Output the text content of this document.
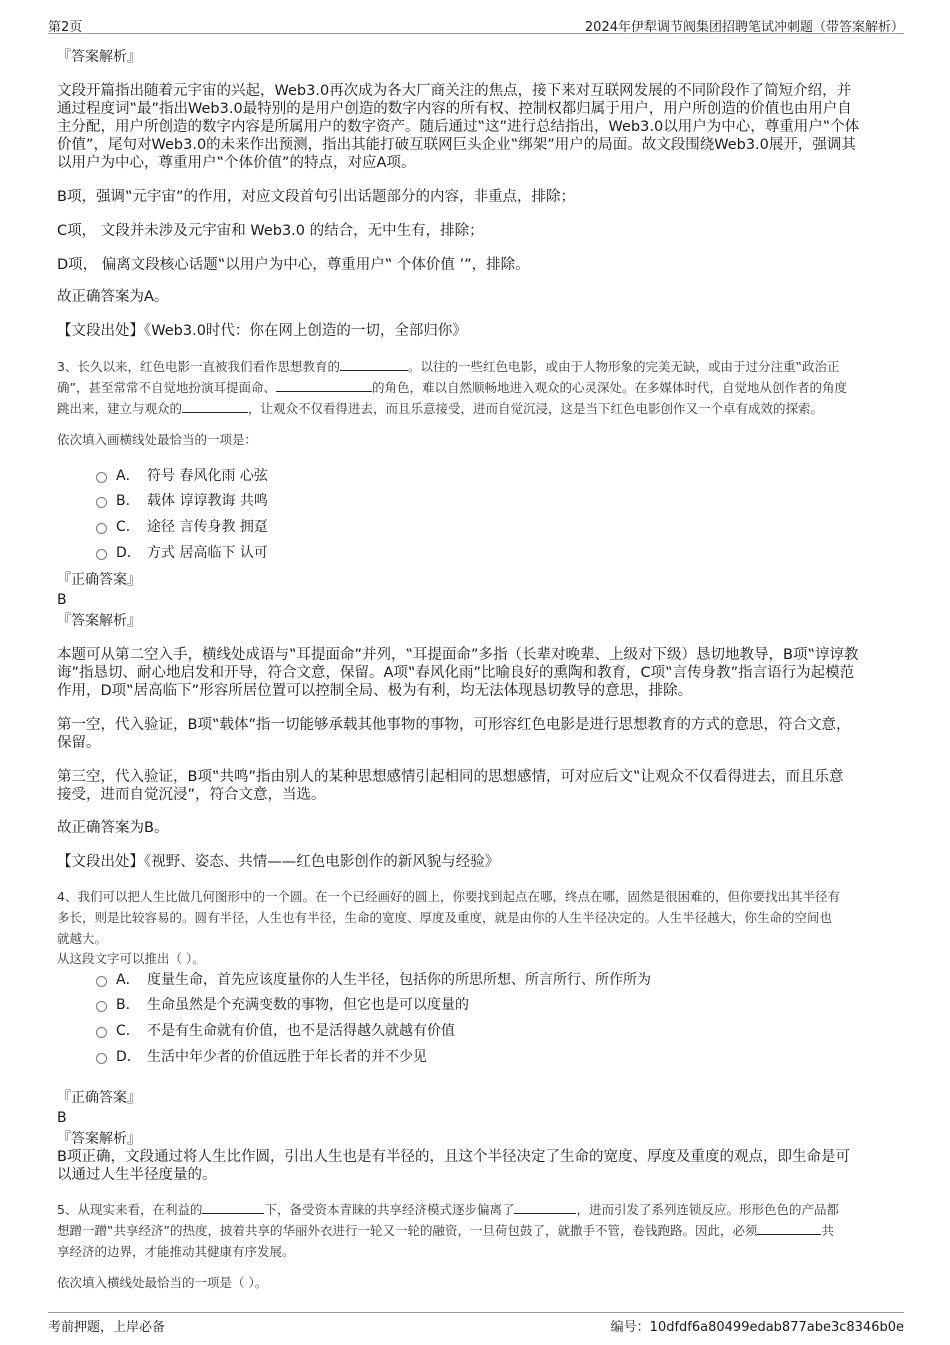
第2页	2024年伊犁调节阀集团招聘笔试冲刺题（带答案解析）
『答案解析』
文段开篇指出随着元宇宙的兴起，Web3.0再次成为各大厂商关注的焦点，接下来对互联网发展的不同阶段作了简短介绍，并
通过程度词‟最”指出Web3.0最特别的是用户创造的数字内容的所有权、控制权都归属于用户，用户所创造的价值也由用户自
主分配，用户所创造的数字内容是所属用户的数字资产。随后通过‟这”进行总结指出，Web3.0以用户为中心，尊重用户‟个体
价值”，尾句对Web3.0的未来作出预测，指出其能打破互联网巨头企业‟绑架”用户的局面。故文段围绕Web3.0展开，强调其
以用户为中心，尊重用户‟个体价值”的特点，对应A项。
B项，强调‟元宇宙”的作用，对应文段首句引出话题部分的内容，非重点，排除；
C项， 文段并未涉及元宇宙和 Web3.0 的结合，无中生有，排除；
D项， 偏离文段核心话题‟以用户为中心，尊重用户‟ 个体价值 ’”，排除。
故正确答案为A。
【文段出处】《Web3.0时代：你在网上创造的一切，全部归你》
3、长久以来，红色电影一直被我们看作思想教育的	。以往的一些红色电影，或由于人物形象的完美无缺，或由于过分注重‟政治正
确”，甚至常常不自觉地扮演耳提面命、	的角色，难以自然顺畅地进入观众的心灵深处。在多媒体时代，自觉地从创作者的角度
跳出来，建立与观众的	，让观众不仅看得进去，而且乐意接受，进而自觉沉浸，这是当下红色电影创作又一个卓有成效的探索。
依次填入画横线处最恰当的一项是：
A． 符号 春风化雨 心弦
B． 载体 谆谆教诲 共鸣
C． 途径 言传身教 拥趸
D． 方式 居高临下 认可
『正确答案』
B
『答案解析』
本题可从第二空入手，横线处成语与‟耳提面命”并列，‟耳提面命”多指（长辈对晚辈、上级对下级）恳切地教导，B项‟谆谆教
诲”指恳切、耐心地启发和开导，符合文意，保留。A项‟春风化雨”比喻良好的熏陶和教育，C项‟言传身教”指言语行为起模范
作用，D项‟居高临下”形容所居位置可以控制全局、极为有利，均无法体现恳切教导的意思，排除。
第一空，代入验证，B项‟载体”指一切能够承载其他事物的事物，可形容红色电影是进行思想教育的方式的意思，符合文意，
保留。
第三空，代入验证，B项‟共鸣”指由别人的某种思想感情引起相同的思想感情，可对应后文‟让观众不仅看得进去，而且乐意
接受，进而自觉沉浸”，符合文意，当选。
故正确答案为B。
【文段出处】《视野、姿态、共情——红色电影创作的新风貌与经验》
4、我们可以把人生比做几何图形中的一个圆。在一个已经画好的圆上，你要找到起点在哪，终点在哪，固然是很困难的，但你要找出其半径有
多长，则是比较容易的。圆有半径，人生也有半径，生命的宽度、厚度及重度，就是由你的人生半径决定的。人生半径越大，你生命的空间也
就越大。
从这段文字可以推出（ ）。
A． 度量生命，首先应该度量你的人生半径，包括你的所思所想、所言所行、所作所为
B． 生命虽然是个充满变数的事物，但它也是可以度量的
C． 不是有生命就有价值，也不是活得越久就越有价值
D． 生活中年少者的价值远胜于年长者的并不少见
『正确答案』
B
『答案解析』
B项正确，文段通过将人生比作圆，引出人生也是有半径的，且这个半径决定了生命的宽度、厚度及重度的观点，即生命是可
以通过人生半径度量的。
5、从现实来看，在利益的	下，备受资本青睐的共享经济模式逐步偏离了	，进而引发了系列连锁反应。形形色色的产品都
想蹭一蹭‟共享经济”的热度，披着共享的华丽外衣进行一轮又一轮的融资，一旦荷包鼓了，就撒手不管，卷钱跑路。因此，必须	共
享经济的边界，才能推动其健康有序发展。
依次填入横线处最恰当的一项是（ ）。
考前押题，上岸必备	编号：10dfdf6a80499edab877abe3c8346b0e
